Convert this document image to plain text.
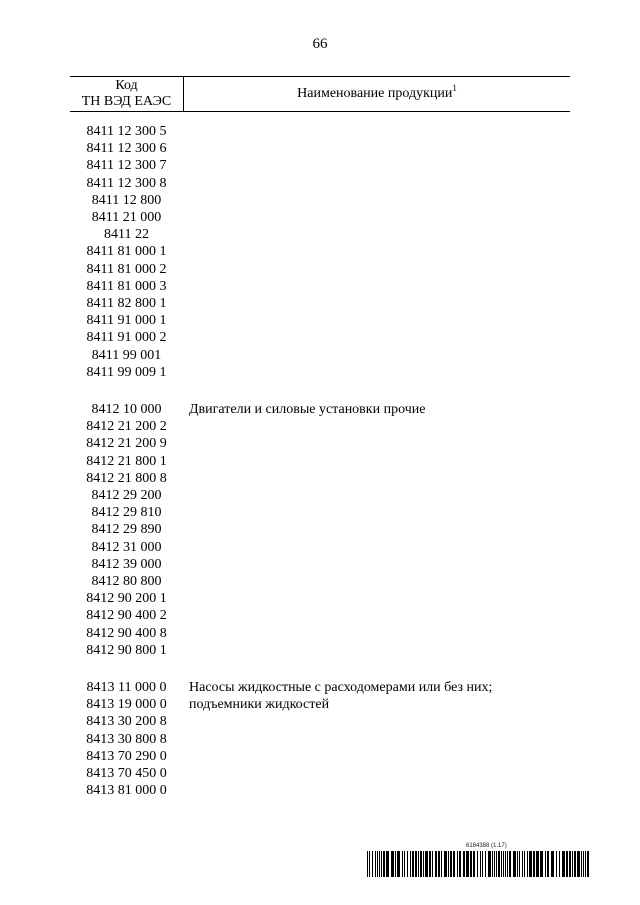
66
Код
ТН ВЭД ЕАЭС
Наименование продукции$^1$
8411 12 300 5
8411 12 300 6
8411 12 300 7
8411 12 300 8
8411 12 800
8411 21 000
8411 22
8411 81 000 1
8411 81 000 2
8411 81 000 3
8411 82 800 1
8411 91 000 1
8411 91 000 2
8411 99 001
8411 99 009 1
8412 10 000
8412 21 200 2
8412 21 200 9
8412 21 800 1
8412 21 800 8
8412 29 200
8412 29 810
8412 29 890
8412 31 000
8412 39 000
8412 80 800
8412 90 200 1
8412 90 400 2
8412 90 400 8
8412 90 800 1
Двигатели и силовые установки прочие
8413 11 000 0
8413 19 000 0
8413 30 200 8
8413 30 800 8
8413 70 290 0
8413 70 450 0
8413 81 000 0
Насосы жидкостные с расходомерами или без них;
подъемники жидкостей
6184388 (1.17)
